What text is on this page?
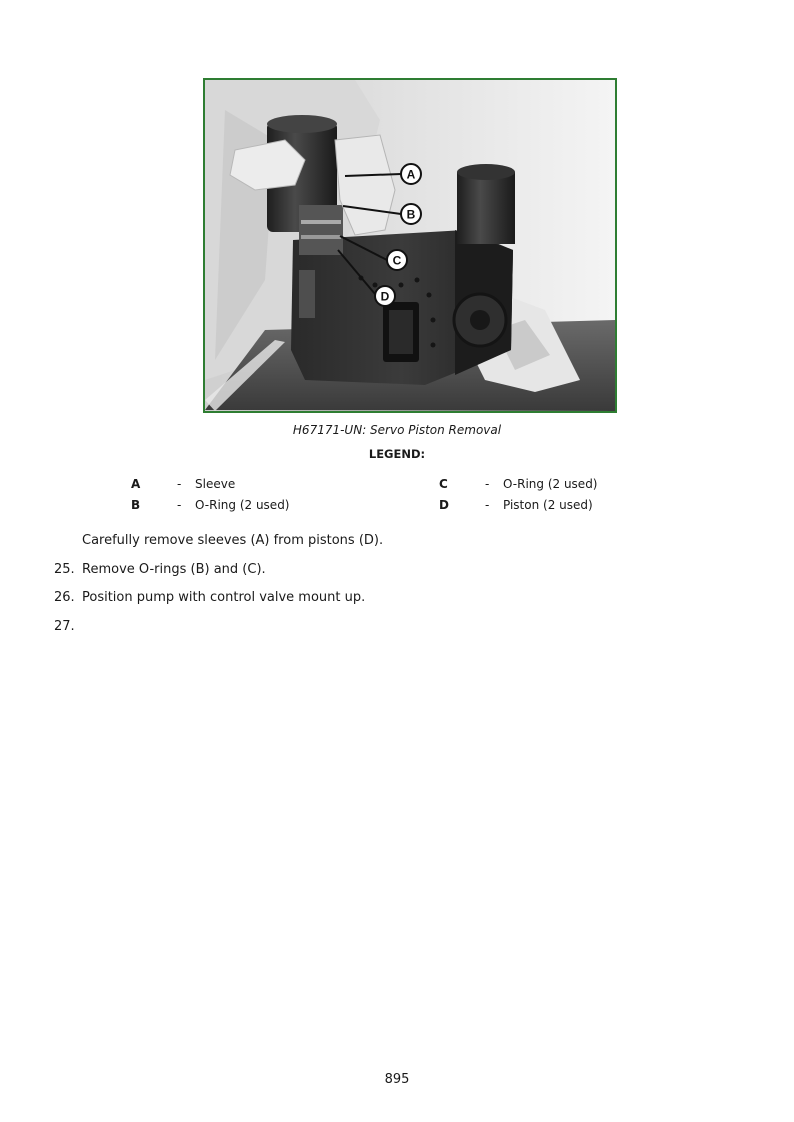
A
B
C
D
H67171-UN: Servo Piston Removal
LEGEND:
A	- Sleeve
B	- O-Ring (2 used)
C	- O-Ring (2 used)
D	- Piston (2 used)
Carefully remove sleeves (A) from pistons (D).
25. Remove O-rings (B) and (C).
26. Position pump with control valve mount up.
27.
895
